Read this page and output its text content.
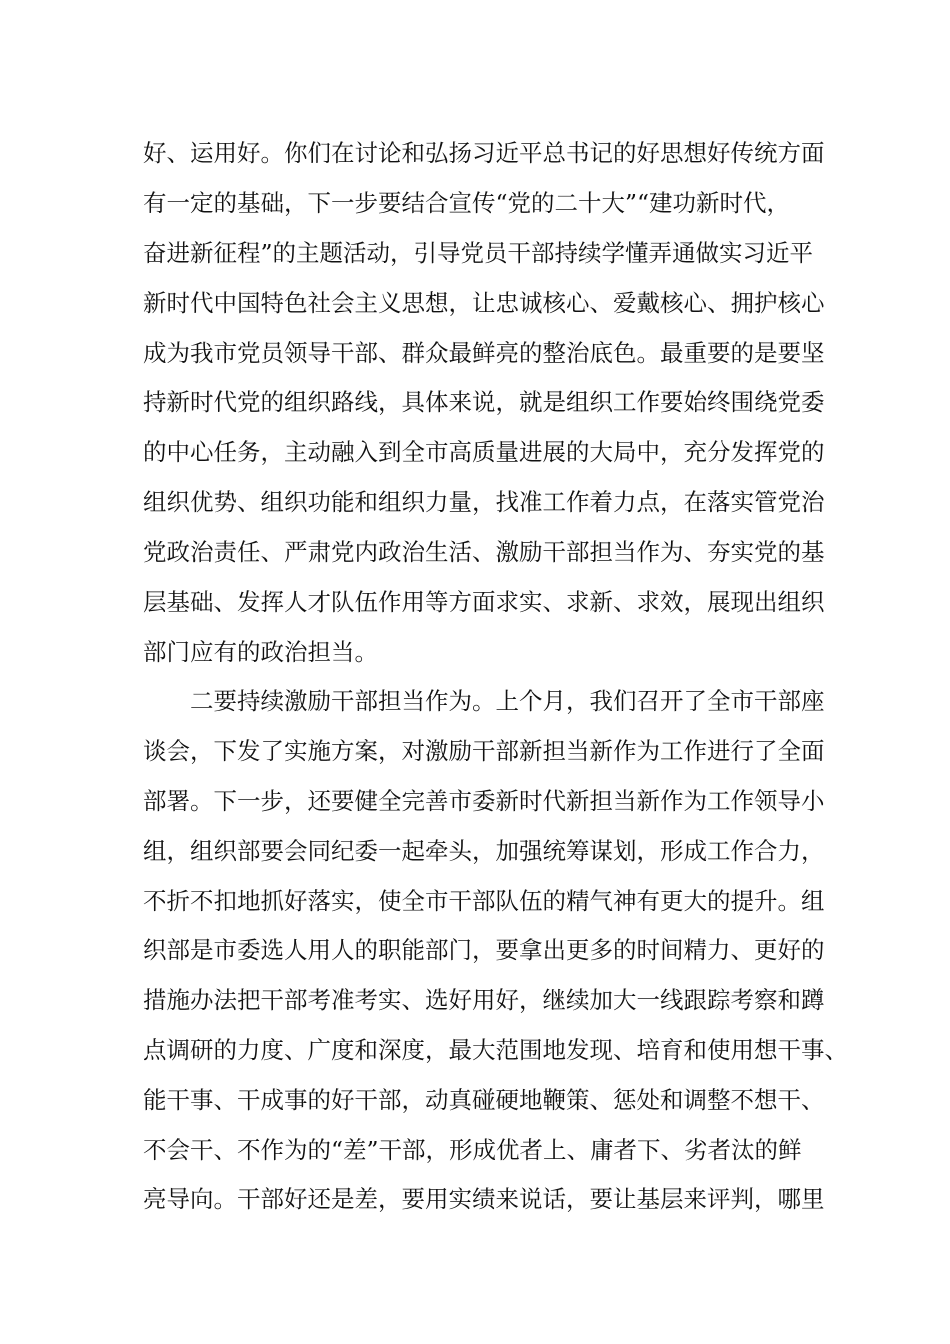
好、运用好。你们在讨论和弘扬习近平总书记的好思想好传统方面
有一定的基础，下一步要结合宣传“党的二十大”“建功新时代，
奋进新征程”的主题活动，引导党员干部持续学懂弄通做实习近平
新时代中国特色社会主义思想，让忠诚核心、爱戴核心、拥护核心
成为我市党员领导干部、群众最鲜亮的整治底色。最重要的是要坚
持新时代党的组织路线，具体来说，就是组织工作要始终围绕党委
的中心任务，主动融入到全市高质量进展的大局中，充分发挥党的
组织优势、组织功能和组织力量，找准工作着力点，在落实管党治
党政治责任、严肃党内政治生活、激励干部担当作为、夯实党的基
层基础、发挥人才队伍作用等方面求实、求新、求效，展现出组织
部门应有的政治担当。
二要持续激励干部担当作为。上个月，我们召开了全市干部座
谈会，下发了实施方案，对激励干部新担当新作为工作进行了全面
部署。下一步，还要健全完善市委新时代新担当新作为工作领导小
组，组织部要会同纪委一起牵头，加强统筹谋划，形成工作合力，
不折不扣地抓好落实，使全市干部队伍的精气神有更大的提升。组
织部是市委选人用人的职能部门，要拿出更多的时间精力、更好的
措施办法把干部考准考实、选好用好，继续加大一线跟踪考察和蹲
点调研的力度、广度和深度，最大范围地发现、培育和使用想干事、
能干事、干成事的好干部，动真碰硬地鞭策、惩处和调整不想干、
不会干、不作为的“差”干部，形成优者上、庸者下、劣者汰的鲜
亮导向。干部好还是差，要用实绩来说话，要让基层来评判，哪里
